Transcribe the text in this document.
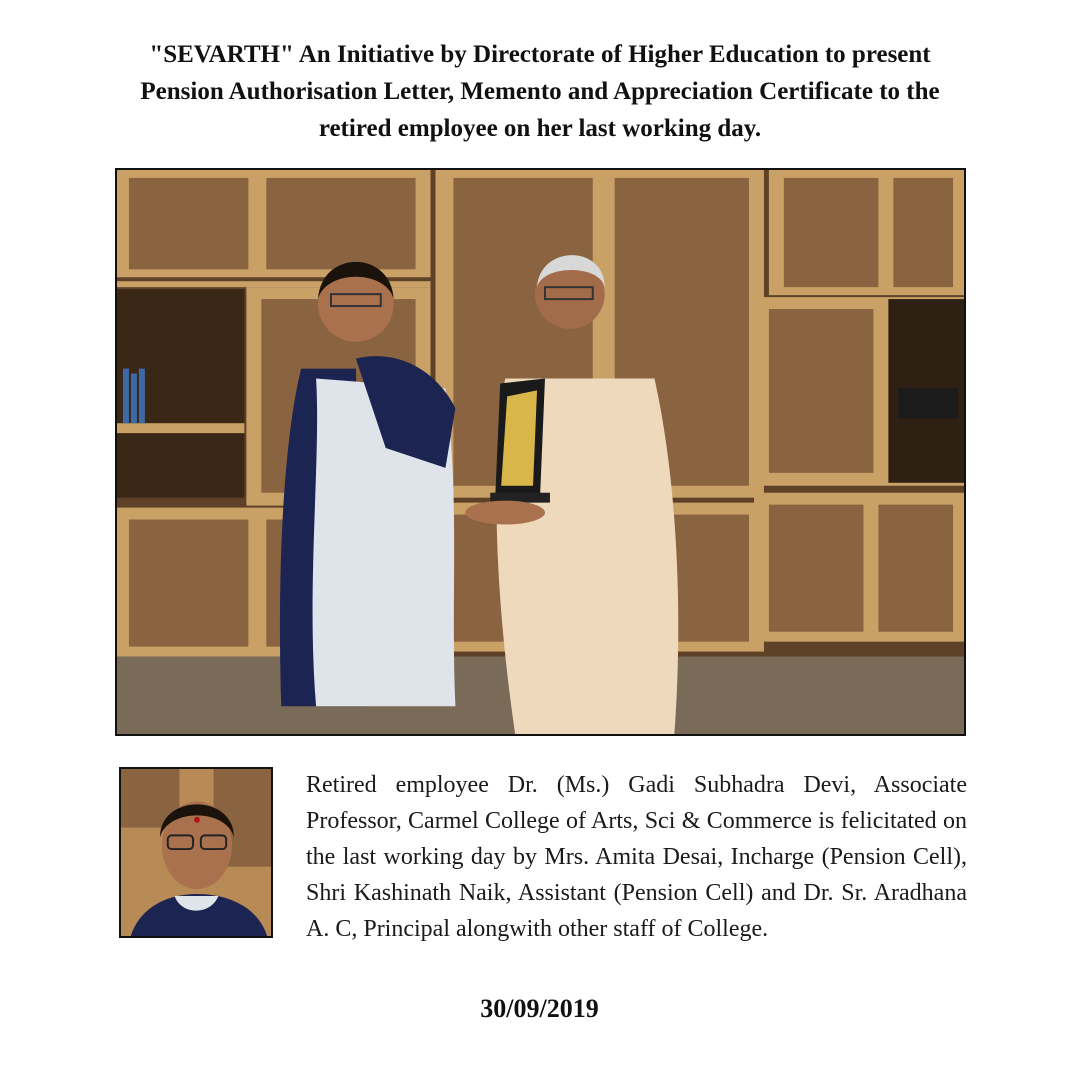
"SEVARTH" An Initiative by Directorate of Higher Education to present
Pension Authorisation Letter, Memento and Appreciation Certificate to the
retired employee on her last working day.

Retired employee Dr. (Ms.) Gadi Subhadra Devi, Associate Professor, Carmel College of Arts, Sci & Commerce is felicitated on the last working day by Mrs. Amita Desai, Incharge (Pension Cell), Shri Kashinath Naik, Assistant (Pension Cell) and Dr. Sr. Aradhana A. C, Principal alongwith other staff of College.

30/09/2019
